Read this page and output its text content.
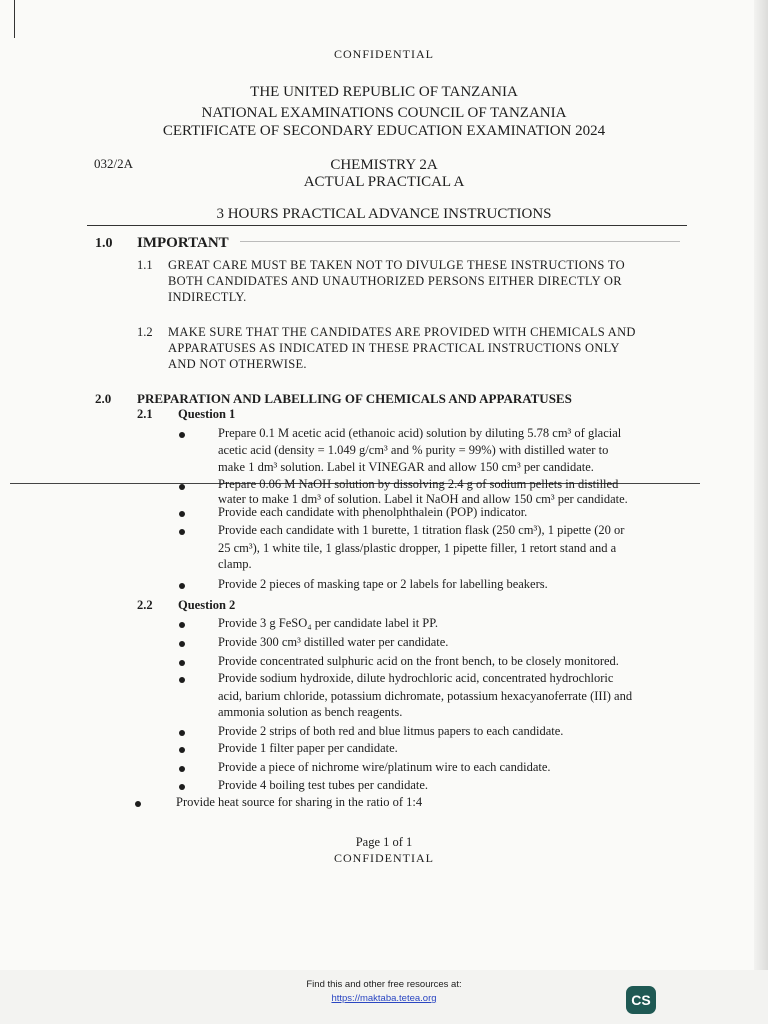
CONFIDENTIAL
THE UNITED REPUBLIC OF TANZANIA
NATIONAL EXAMINATIONS COUNCIL OF TANZANIA
CERTIFICATE OF SECONDARY EDUCATION EXAMINATION 2024
032/2A	CHEMISTRY 2A
ACTUAL PRACTICAL A
3 HOURS PRACTICAL ADVANCE INSTRUCTIONS
1.0 IMPORTANT
1.1 GREAT CARE MUST BE TAKEN NOT TO DIVULGE THESE INSTRUCTIONS TO
BOTH CANDIDATES AND UNAUTHORIZED PERSONS EITHER DIRECTLY OR
INDIRECTLY.
1.2 MAKE SURE THAT THE CANDIDATES ARE PROVIDED WITH CHEMICALS AND
APPARATUSES AS INDICATED IN THESE PRACTICAL INSTRUCTIONS ONLY
AND NOT OTHERWISE.
2.0 PREPARATION AND LABELLING OF CHEMICALS AND APPARATUSES
2.1 Question 1
Prepare 0.1 M acetic acid (ethanoic acid) solution by diluting 5.78 cm³ of glacial
acetic acid (density = 1.049 g/cm³ and % purity = 99%) with distilled water to
make 1 dm³ solution. Label it VINEGAR and allow 150 cm³ per candidate.
Prepare 0.06 M NaOH solution by dissolving 2.4 g of sodium pellets in distilled
water to make 1 dm³ of solution. Label it NaOH and allow 150 cm³ per candidate.
Provide each candidate with phenolphthalein (POP) indicator.
Provide each candidate with 1 burette, 1 titration flask (250 cm³), 1 pipette (20 or
25 cm³), 1 white tile, 1 glass/plastic dropper, 1 pipette filler, 1 retort stand and a
clamp.
Provide 2 pieces of masking tape or 2 labels for labelling beakers.
2.2 Question 2
Provide 3 g FeSO₄ per candidate label it PP.
Provide 300 cm³ distilled water per candidate.
Provide concentrated sulphuric acid on the front bench, to be closely monitored.
Provide sodium hydroxide, dilute hydrochloric acid, concentrated hydrochloric
acid, barium chloride, potassium dichromate, potassium hexacyanoferrate (III) and
ammonia solution as bench reagents.
Provide 2 strips of both red and blue litmus papers to each candidate.
Provide 1 filter paper per candidate.
Provide a piece of nichrome wire/platinum wire to each candidate.
Provide 4 boiling test tubes per candidate.
Provide heat source for sharing in the ratio of 1:4
Page 1 of 1
CONFIDENTIAL
Find this and other free resources at:
https://maktaba.tetea.org	CS
